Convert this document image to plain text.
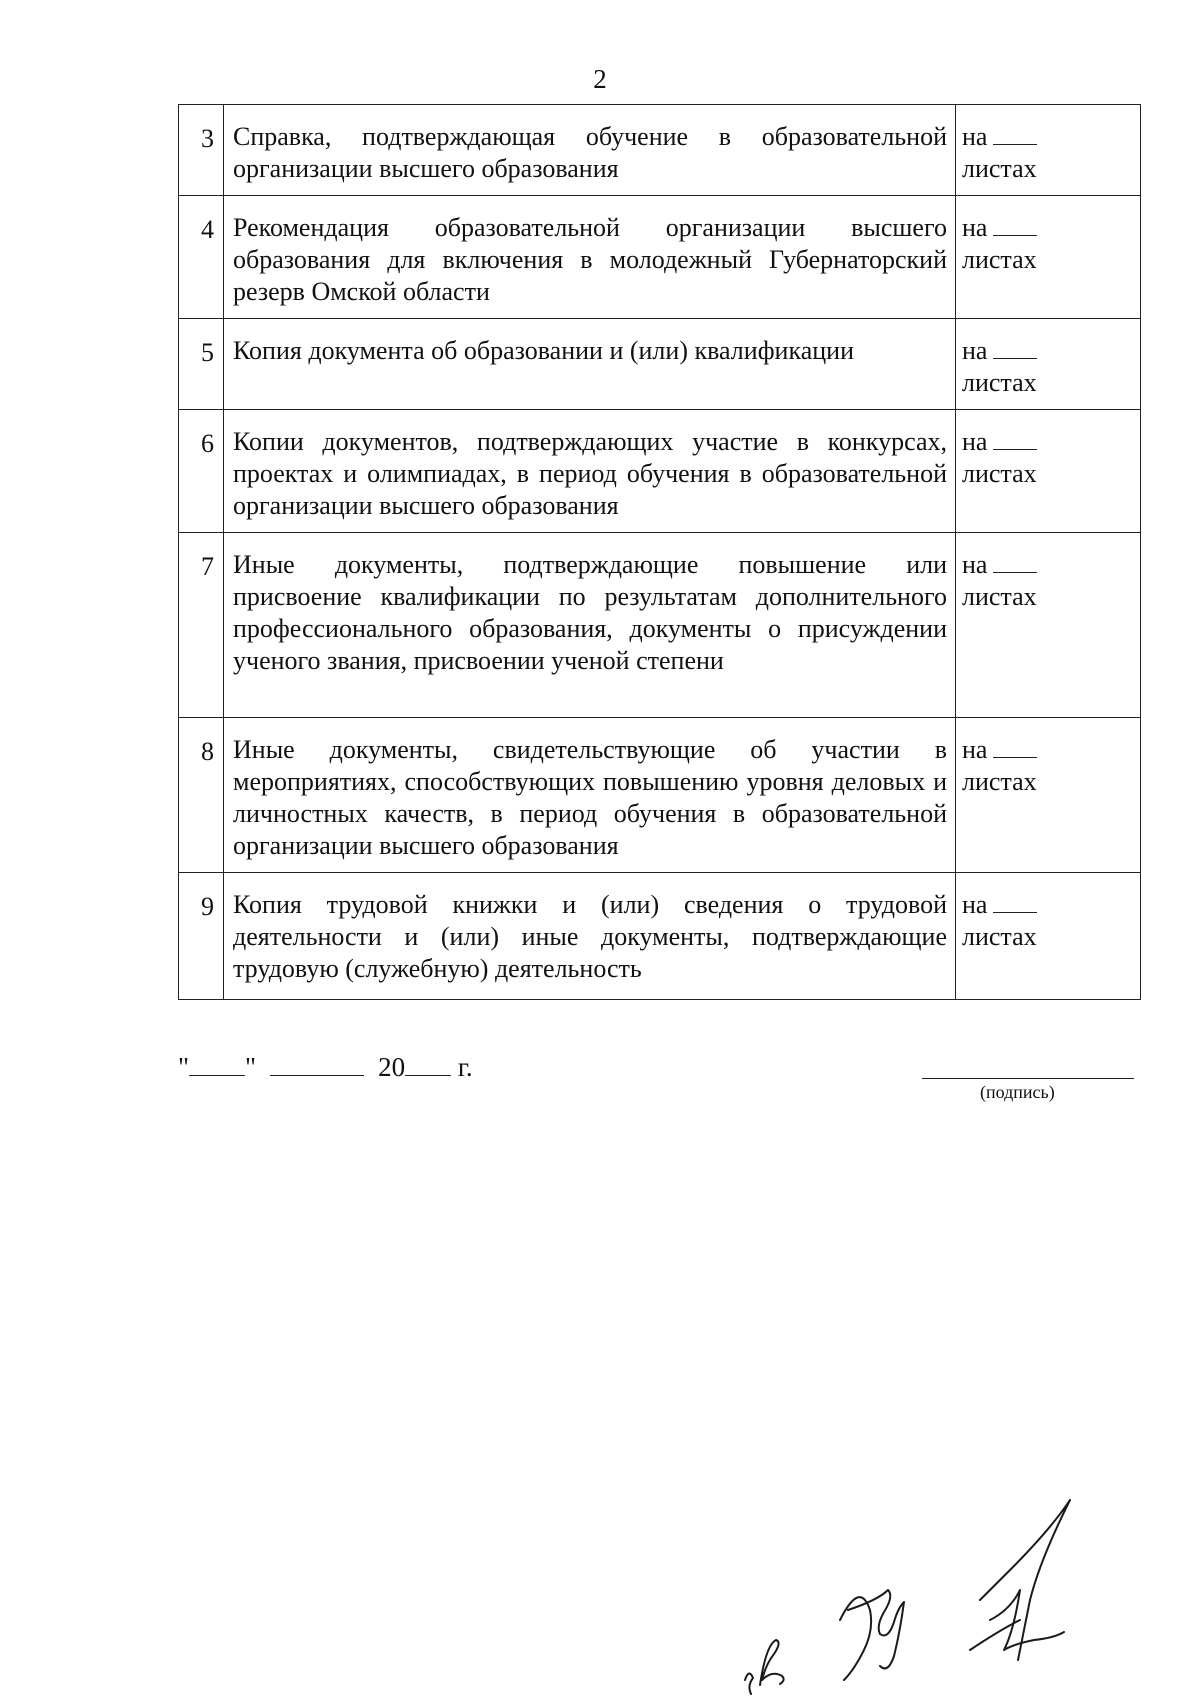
2
3	Справка, подтверждающая обучение в образовательной организации высшего образования	на
листах

4	Рекомендация образовательной организации высшего образования для включения в молодежный Губернаторский резерв Омской области	на
листах

5	Копия документа об образовании и (или) квалификации	на
листах

6	Копии документов, подтверждающих участие в конкурсах, проектах и олимпиадах, в период обучения в образовательной организации высшего образования	на
листах

7	Иные документы, подтверждающие повышение или присвоение квалификации по результатам дополнительного профессионального образования, документы о присуждении ученого звания, присвоении ученой степени	на
листах

8	Иные документы, свидетельствующие об участии в мероприятиях, способствующих повышению уровня деловых и личностных качеств, в период обучения в образовательной организации высшего образования	на
листах

9	Копия трудовой книжки и (или) сведения о трудовой деятельности и (или) иные документы, подтверждающие трудовую (служебную) деятельность	на
листах
" "	20 г.
(подпись)
